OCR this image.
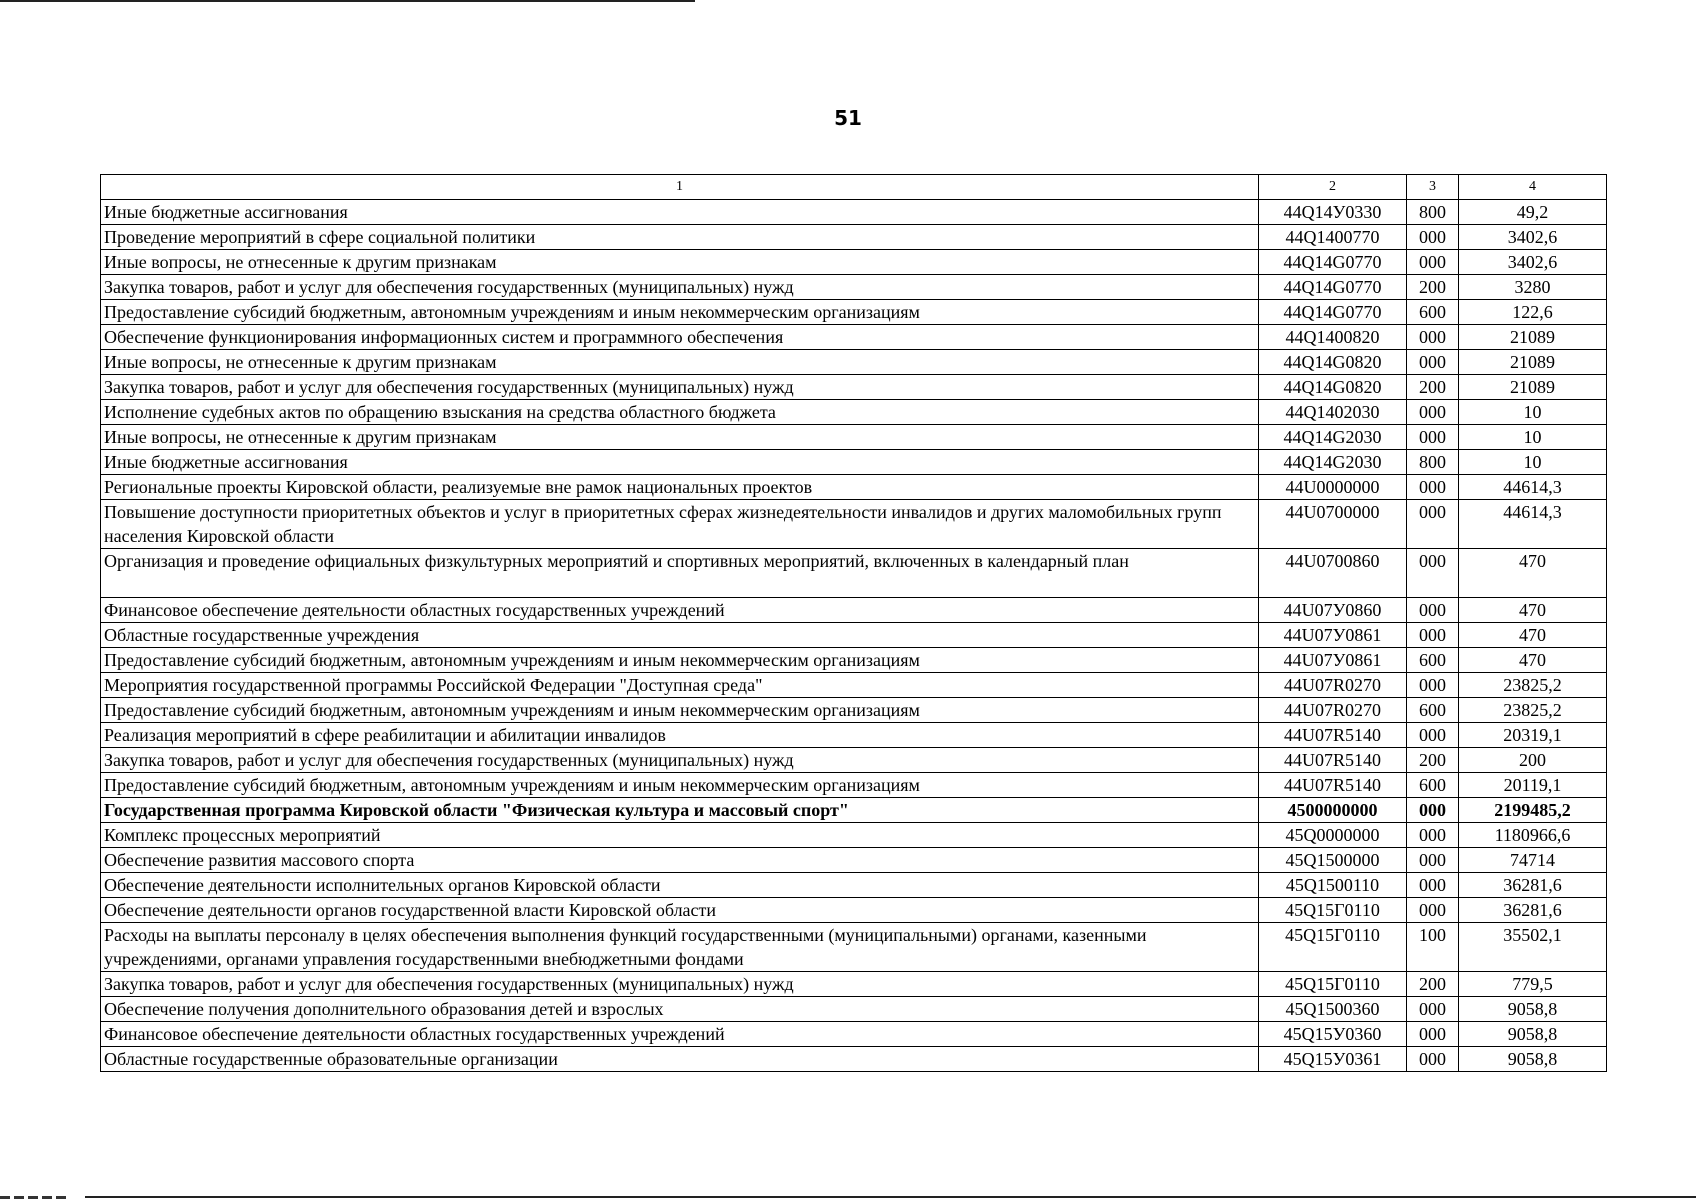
51
1	2	3	4
Иные бюджетные ассигнования	44Q14У0330	800	49,2
Проведение мероприятий в сфере социальной политики	44Q1400770	000	3402,6
Иные вопросы, не отнесенные к другим признакам	44Q14G0770	000	3402,6
Закупка товаров, работ и услуг для обеспечения государственных (муниципальных) нужд	44Q14G0770	200	3280
Предоставление субсидий бюджетным, автономным учреждениям и иным некоммерческим организациям	44Q14G0770	600	122,6
Обеспечение функционирования информационных систем и программного обеспечения	44Q1400820	000	21089
Иные вопросы, не отнесенные к другим признакам	44Q14G0820	000	21089
Закупка товаров, работ и услуг для обеспечения государственных (муниципальных) нужд	44Q14G0820	200	21089
Исполнение судебных актов по обращению взыскания на средства областного бюджета	44Q1402030	000	10
Иные вопросы, не отнесенные к другим признакам	44Q14G2030	000	10
Иные бюджетные ассигнования	44Q14G2030	800	10
Региональные проекты Кировской области, реализуемые вне рамок национальных проектов	44U0000000	000	44614,3
Повышение доступности приоритетных объектов и услуг в приоритетных сферах жизнедеятельности инвалидов и других маломобильных групп населения Кировской области	44U0700000	000	44614,3
Организация и проведение официальных физкультурных мероприятий и спортивных мероприятий, включенных в календарный план	44U0700860	000	470
Финансовое обеспечение деятельности областных государственных учреждений	44U07У0860	000	470
Областные государственные учреждения	44U07У0861	000	470
Предоставление субсидий бюджетным, автономным учреждениям и иным некоммерческим организациям	44U07У0861	600	470
Мероприятия государственной программы Российской Федерации "Доступная среда"	44U07R0270	000	23825,2
Предоставление субсидий бюджетным, автономным учреждениям и иным некоммерческим организациям	44U07R0270	600	23825,2
Реализация мероприятий в сфере реабилитации и абилитации инвалидов	44U07R5140	000	20319,1
Закупка товаров, работ и услуг для обеспечения государственных (муниципальных) нужд	44U07R5140	200	200
Предоставление субсидий бюджетным, автономным учреждениям и иным некоммерческим организациям	44U07R5140	600	20119,1
Государственная программа Кировской области "Физическая культура и массовый спорт"	4500000000	000	2199485,2
Комплекс процессных мероприятий	45Q0000000	000	1180966,6
Обеспечение развития массового спорта	45Q1500000	000	74714
Обеспечение деятельности исполнительных органов Кировской области	45Q1500110	000	36281,6
Обеспечение деятельности органов государственной власти Кировской области	45Q15Г0110	000	36281,6
Расходы на выплаты персоналу в целях обеспечения выполнения функций государственными (муниципальными) органами, казенными учреждениями, органами управления государственными внебюджетными фондами	45Q15Г0110	100	35502,1
Закупка товаров, работ и услуг для обеспечения государственных (муниципальных) нужд	45Q15Г0110	200	779,5
Обеспечение получения дополнительного образования детей и взрослых	45Q1500360	000	9058,8
Финансовое обеспечение деятельности областных государственных учреждений	45Q15У0360	000	9058,8
Областные государственные образовательные организации	45Q15У0361	000	9058,8
